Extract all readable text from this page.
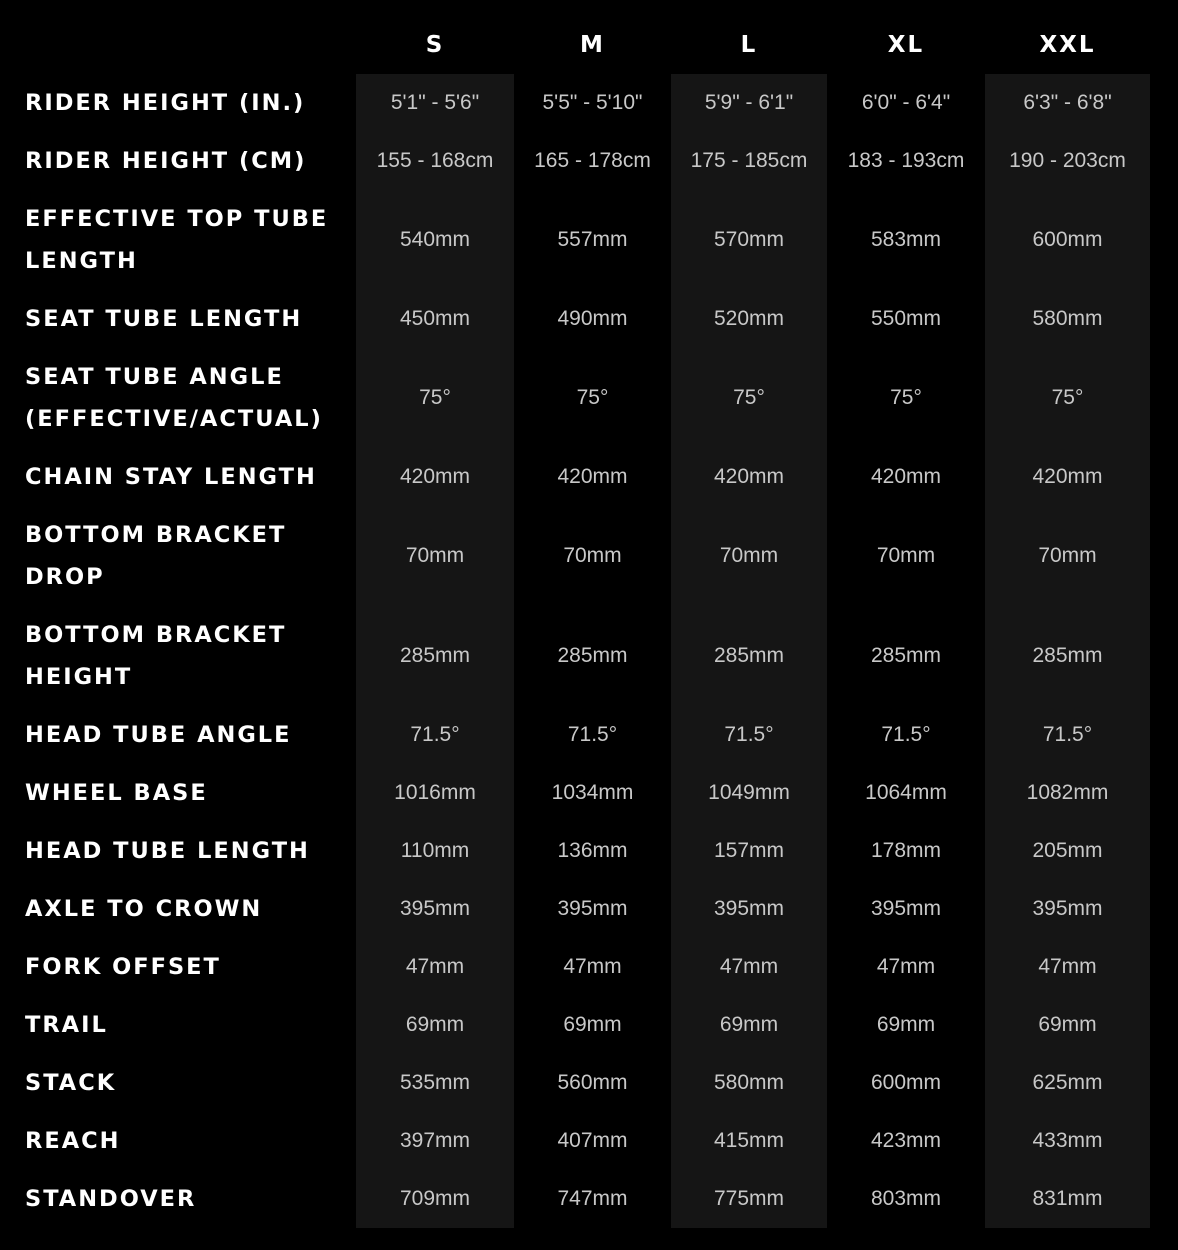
	S	M	L	XL	XXL
RIDER HEIGHT (IN.)	5'1" - 5'6"	5'5" - 5'10"	5'9" - 6'1"	6'0" - 6'4"	6'3" - 6'8"
RIDER HEIGHT (CM)	155 - 168cm	165 - 178cm	175 - 185cm	183 - 193cm	190 - 203cm
EFFECTIVE TOP TUBE LENGTH	540mm	557mm	570mm	583mm	600mm
SEAT TUBE LENGTH	450mm	490mm	520mm	550mm	580mm
SEAT TUBE ANGLE (EFFECTIVE/ACTUAL)	75°	75°	75°	75°	75°
CHAIN STAY LENGTH	420mm	420mm	420mm	420mm	420mm
BOTTOM BRACKET DROP	70mm	70mm	70mm	70mm	70mm
BOTTOM BRACKET HEIGHT	285mm	285mm	285mm	285mm	285mm
HEAD TUBE ANGLE	71.5°	71.5°	71.5°	71.5°	71.5°
WHEEL BASE	1016mm	1034mm	1049mm	1064mm	1082mm
HEAD TUBE LENGTH	110mm	136mm	157mm	178mm	205mm
AXLE TO CROWN	395mm	395mm	395mm	395mm	395mm
FORK OFFSET	47mm	47mm	47mm	47mm	47mm
TRAIL	69mm	69mm	69mm	69mm	69mm
STACK	535mm	560mm	580mm	600mm	625mm
REACH	397mm	407mm	415mm	423mm	433mm
STANDOVER	709mm	747mm	775mm	803mm	831mm
